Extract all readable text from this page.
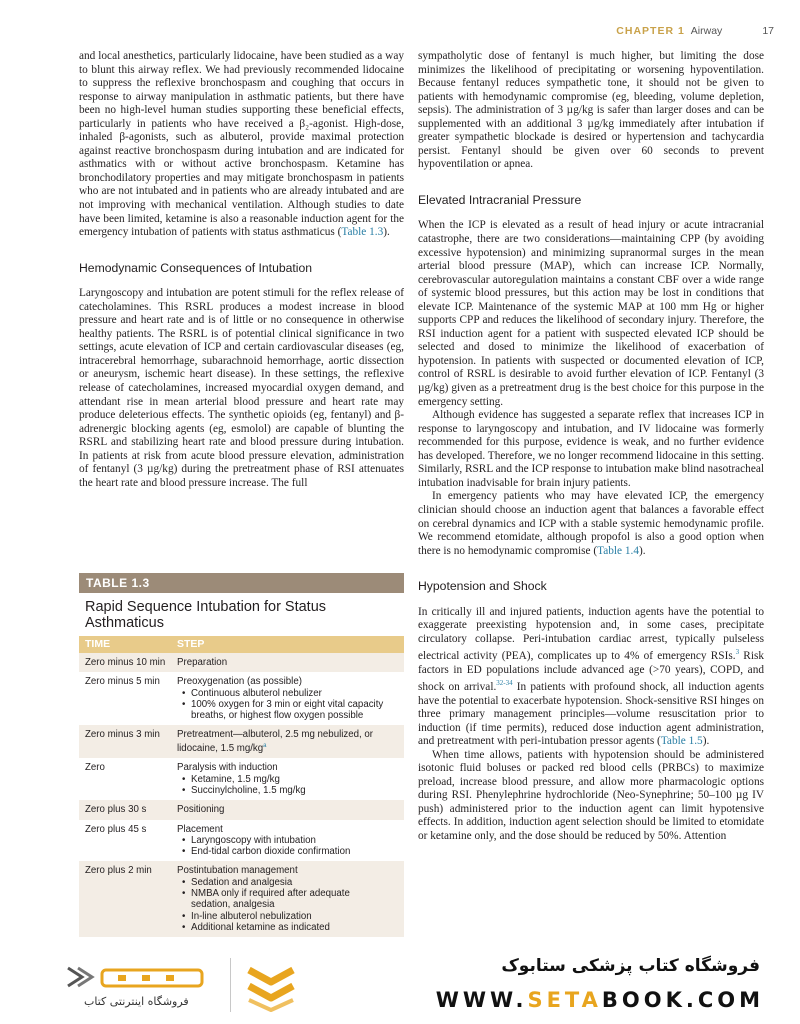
CHAPTER 1 Airway	17

and local anesthetics, particularly lidocaine, have been studied as a way to blunt this airway reflex. We had previously recommended lidocaine to suppress the reflexive bronchospasm and coughing that occurs in response to airway manipulation in asthmatic patients, but there have been no high-level human studies supporting these beneficial effects, particularly in patients who have received a β₂-agonist. High-dose, inhaled β-agonists, such as albuterol, provide maximal protection against reactive bronchospasm during intubation and are indicated for asthmatics with or without active bronchospasm. Ketamine has bronchodilatory properties and may mitigate bronchospasm in patients who are not intubated and in patients who are already intubated and are not improving with mechanical ventilation. Although studies to date have been limited, ketamine is also a reasonable induction agent for the emergency intubation of patients with status asthmaticus (Table 1.3).

Hemodynamic Consequences of Intubation

Laryngoscopy and intubation are potent stimuli for the reflex release of catecholamines. This RSRL produces a modest increase in blood pressure and heart rate and is of little or no consequence in otherwise healthy patients. The RSRL is of potential clinical significance in two settings, acute elevation of ICP and certain cardiovascular diseases (eg, intracerebral hemorrhage, subarachnoid hemorrhage, aortic dissection or aneurysm, ischemic heart disease). In these settings, the reflexive release of catecholamines, increased myocardial oxygen demand, and attendant rise in mean arterial blood pressure and heart rate may produce deleterious effects. The synthetic opioids (eg, fentanyl) and β-adrenergic blocking agents (eg, esmolol) are capable of blunting the RSRL and stabilizing heart rate and blood pressure during intubation. In patients at risk from acute blood pressure elevation, administration of fentanyl (3 µg/kg) during the pretreatment phase of RSI attenuates the heart rate and blood pressure increase. The full

TABLE 1.3
Rapid Sequence Intubation for Status Asthmaticus
TIME	STEP
Zero minus 10 min	Preparation
Zero minus 5 min	Preoxygenation (as possible)
• Continuous albuterol nebulizer
• 100% oxygen for 3 min or eight vital capacity breaths, or highest flow oxygen possible
Zero minus 3 min	Pretreatment—albuterol, 2.5 mg nebulized, or lidocaine, 1.5 $mg/kg^a$
Zero	Paralysis with induction
• Ketamine, 1.5 mg/kg
• Succinylcholine, 1.5 mg/kg
Zero plus 30 s	Positioning
Zero plus 45 s	Placement
• Laryngoscopy with intubation
• End-tidal carbon dioxide confirmation
Zero plus 2 min	Postintubation management
• Sedation and analgesia
• NMBA only if required after adequate sedation, analgesia
• In-line albuterol nebulization
• Additional ketamine as indicated

sympatholytic dose of fentanyl is much higher, but limiting the dose minimizes the likelihood of precipitating or worsening hypoventilation. Because fentanyl reduces sympathetic tone, it should not be given to patients with hemodynamic compromise (eg, bleeding, volume depletion, sepsis). The administration of 3 µg/kg is safer than larger doses and can be supplemented with an additional 3 µg/kg immediately after intubation if greater sympathetic blockade is desired or hypertension and tachycardia persist. Fentanyl should be given over 60 seconds to prevent hypoventilation or apnea.

Elevated Intracranial Pressure

When the ICP is elevated as a result of head injury or acute intracranial catastrophe, there are two considerations—maintaining CPP (by avoiding excessive hypotension) and minimizing supranormal surges in the mean arterial blood pressure (MAP), which can increase ICP. Normally, cerebrovascular autoregulation maintains a constant CBF over a wide range of systemic blood pressures, but this action may be lost in conditions that elevate ICP. Maintenance of the systemic MAP at 100 mm Hg or higher supports CPP and reduces the likelihood of secondary injury. Therefore, the RSI induction agent for a patient with suspected elevated ICP should be selected and dosed to minimize the likelihood of exacerbation of hypotension. In patients with suspected or documented elevation of ICP, control of RSRL is desirable to avoid further elevation of ICP. Fentanyl (3 µg/kg) given as a pretreatment drug is the best choice for this purpose in the emergency setting.

Although evidence has suggested a separate reflex that increases ICP in response to laryngoscopy and intubation, and IV lidocaine was formerly recommended for this purpose, evidence is weak, and no further evidence has developed. Therefore, we no longer recommend lidocaine in this setting. Similarly, RSRL and the ICP response to intubation make blind nasotracheal intubation inadvisable for brain injury patients.

In emergency patients who may have elevated ICP, the emergency clinician should choose an induction agent that balances a favorable effect on cerebral dynamics and ICP with a stable systemic hemodynamic profile. We recommend etomidate, although propofol is also a good option when there is no hemodynamic compromise (Table 1.4).

Hypotension and Shock

In critically ill and injured patients, induction agents have the potential to exaggerate preexisting hypotension and, in some cases, precipitate circulatory collapse. Peri-intubation cardiac arrest, typically pulseless electrical activity (PEA), complicates up to 4% of emergency RSIs.$^3$ Risk factors in ED populations include advanced age (>70 years), COPD, and shock on arrival.$^{32-34}$ In patients with profound shock, all induction agents have the potential to exacerbate hypotension. Shock-sensitive RSI hinges on three primary management principles—volume resuscitation prior to induction (if time permits), reduced dose induction agent administration, and pretreatment with peri-intubation pressor agents (Table 1.5).

When time allows, patients with hypotension should be administered isotonic fluid boluses or packed red blood cells (PRBCs) to maximize preload, increase blood pressure, and allow more pharmacologic options during RSI. Phenylephrine hydrochloride (Neo-Synephrine; 50–100 µg IV push) administered prior to the induction agent can limit hypotensive effects. In addition, induction agent selection should be limited to etomidate or ketamine only, and the dose should be reduced by 50%. Attention

فروشگاه اینترنتی کتاب
فروشگاه کتاب پزشکی ستابوک
WWW.SETABOOK.COM
